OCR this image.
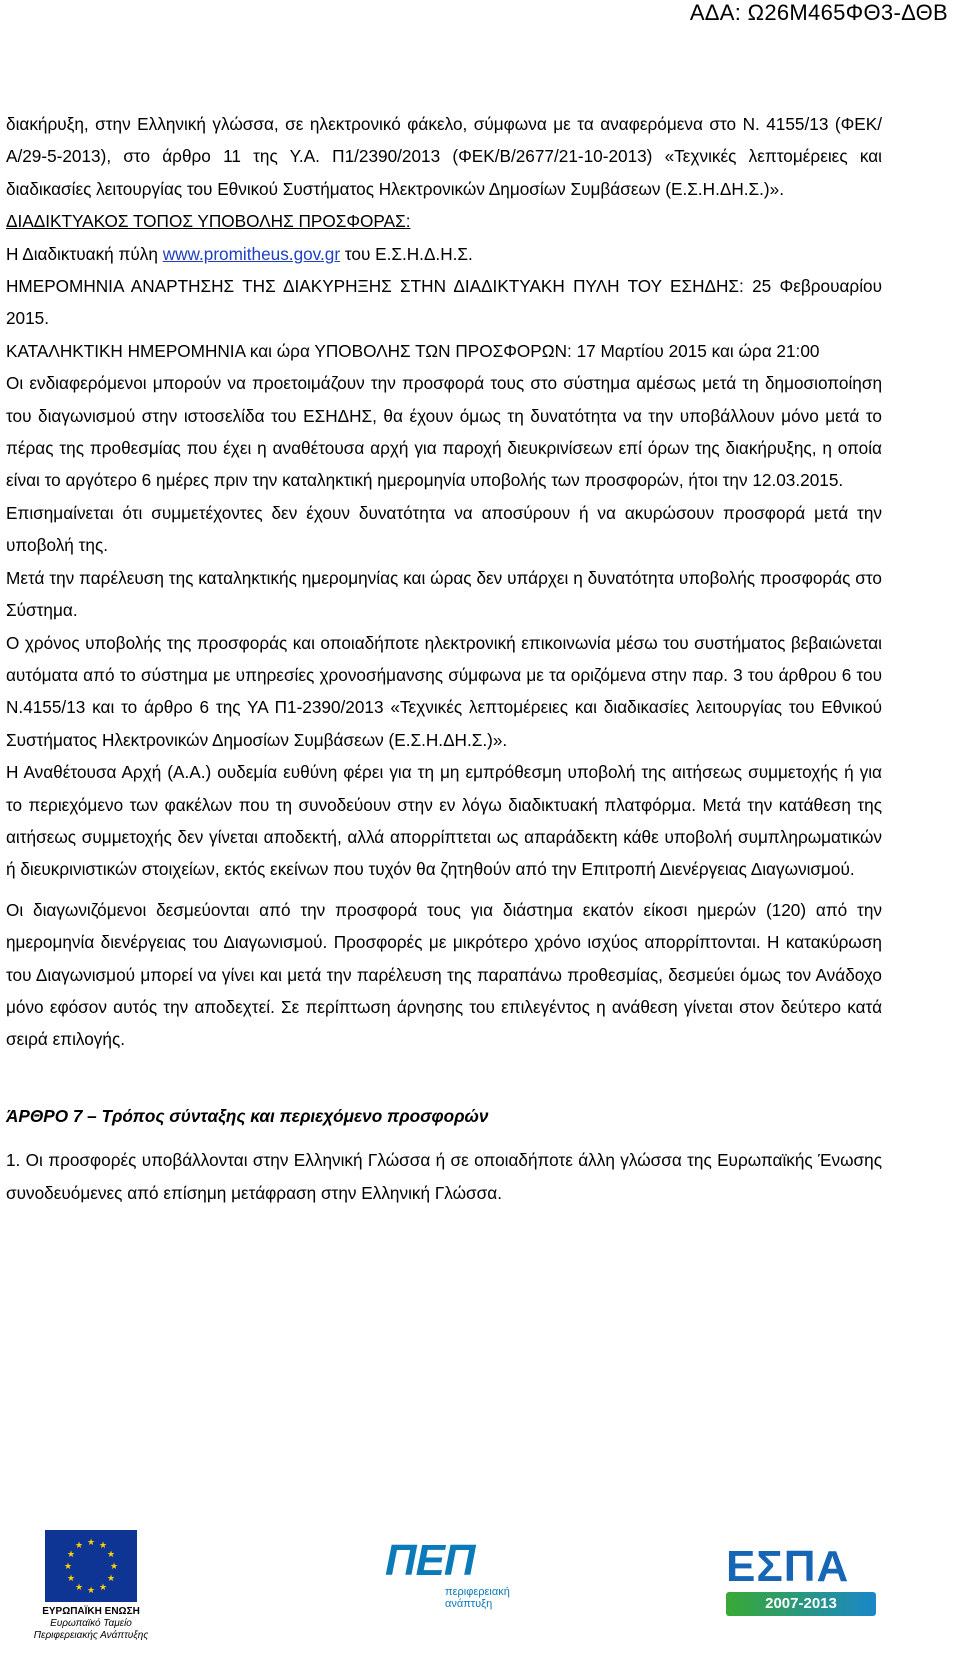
ΑΔΑ: Ω26Μ465ΦΘ3-ΔΘΒ

διακήρυξη, στην Ελληνική γλώσσα, σε ηλεκτρονικό φάκελο, σύμφωνα με τα αναφερόμενα στο Ν. 4155/13 (ΦΕΚ/Α/29-5-2013), στο άρθρο 11 της Υ.Α. Π1/2390/2013 (ΦΕΚ/Β/2677/21-10-2013) «Τεχνικές λεπτομέρειες και διαδικασίες λειτουργίας του Εθνικού Συστήματος Ηλεκτρονικών Δημοσίων Συμβάσεων (Ε.Σ.Η.ΔΗ.Σ.)».

ΔΙΑΔΙΚΤΥΑΚΟΣ ΤΟΠΟΣ ΥΠΟΒΟΛΗΣ ΠΡΟΣΦΟΡΑΣ:

Η Διαδικτυακή πύλη www.promitheus.gov.gr του Ε.Σ.Η.Δ.Η.Σ.

ΗΜΕΡΟΜΗΝΙΑ ΑΝΑΡΤΗΣΗΣ ΤΗΣ ΔΙΑΚΥΡΗΞΗΣ ΣΤΗΝ ΔΙΑΔΙΚΤΥΑΚΗ ΠΥΛΗ ΤΟΥ ΕΣΗΔΗΣ: 25 Φεβρουαρίου 2015.

ΚΑΤΑΛΗΚΤΙΚΗ ΗΜΕΡΟΜΗΝΙΑ και ώρα ΥΠΟΒΟΛΗΣ ΤΩΝ ΠΡΟΣΦΟΡΩΝ: 17 Μαρτίου 2015 και ώρα 21:00

Οι ενδιαφερόμενοι μπορούν να προετοιμάζουν την προσφορά τους στο σύστημα αμέσως μετά τη δημοσιοποίηση του διαγωνισμού στην ιστοσελίδα του ΕΣΗΔΗΣ, θα έχουν όμως τη δυνατότητα να την υποβάλλουν μόνο μετά το πέρας της προθεσμίας που έχει η αναθέτουσα αρχή για παροχή διευκρινίσεων επί όρων της διακήρυξης, η οποία είναι το αργότερο 6 ημέρες πριν την καταληκτική ημερομηνία υποβολής των προσφορών, ήτοι την 12.03.2015.

Επισημαίνεται ότι συμμετέχοντες δεν έχουν δυνατότητα να αποσύρουν ή να ακυρώσουν προσφορά μετά την υποβολή της.

Μετά την παρέλευση της καταληκτικής ημερομηνίας και ώρας δεν υπάρχει η δυνατότητα υποβολής προσφοράς στο Σύστημα.

Ο χρόνος υποβολής της προσφοράς και οποιαδήποτε ηλεκτρονική επικοινωνία μέσω του συστήματος βεβαιώνεται αυτόματα από το σύστημα με υπηρεσίες χρονοσήμανσης σύμφωνα με τα οριζόμενα στην παρ. 3 του άρθρου 6 του Ν.4155/13 και το άρθρο 6 της ΥΑ Π1-2390/2013 «Τεχνικές λεπτομέρειες και διαδικασίες λειτουργίας του Εθνικού Συστήματος Ηλεκτρονικών Δημοσίων Συμβάσεων (Ε.Σ.Η.ΔΗ.Σ.)».

Η Αναθέτουσα Αρχή (Α.Α.) ουδεμία ευθύνη φέρει για τη μη εμπρόθεσμη υποβολή της αιτήσεως συμμετοχής ή για το περιεχόμενο των φακέλων που τη συνοδεύουν στην εν λόγω διαδικτυακή πλατφόρμα. Μετά την κατάθεση της αιτήσεως συμμετοχής δεν γίνεται αποδεκτή, αλλά απορρίπτεται ως απαράδεκτη κάθε υποβολή συμπληρωματικών ή διευκρινιστικών στοιχείων, εκτός εκείνων που τυχόν θα ζητηθούν από την Επιτροπή Διενέργειας Διαγωνισμού.

Οι διαγωνιζόμενοι δεσμεύονται από την προσφορά τους για διάστημα εκατόν είκοσι ημερών (120) από την ημερομηνία διενέργειας του Διαγωνισμού. Προσφορές με μικρότερο χρόνο ισχύος απορρίπτονται. Η κατακύρωση του Διαγωνισμού μπορεί να γίνει και μετά την παρέλευση της παραπάνω προθεσμίας, δεσμεύει όμως τον Ανάδοχο μόνο εφόσον αυτός την αποδεχτεί. Σε περίπτωση άρνησης του επιλεγέντος η ανάθεση γίνεται στον δεύτερο κατά σειρά επιλογής.

ΆΡΘΡΟ 7 – Τρόπος σύνταξης και περιεχόμενο προσφορών

1. Οι προσφορές υποβάλλονται στην Ελληνική Γλώσσα ή σε οποιαδήποτε άλλη γλώσσα της Ευρωπαϊκής Ένωσης συνοδευόμενες από επίσημη μετάφραση στην Ελληνική Γλώσσα.

★ ★
★
★
★
★
★
★
★
★
★
★
ΕΥΡΩΠΑΪΚΗ ΕΝΩΣΗ
Ευρωπαϊκό Ταμείο
Περιφερειακής Ανάπτυξης
ΠΕΠ
περιφερειακή ανάπτυξη
ΕΣΠΑ
2007-2013
